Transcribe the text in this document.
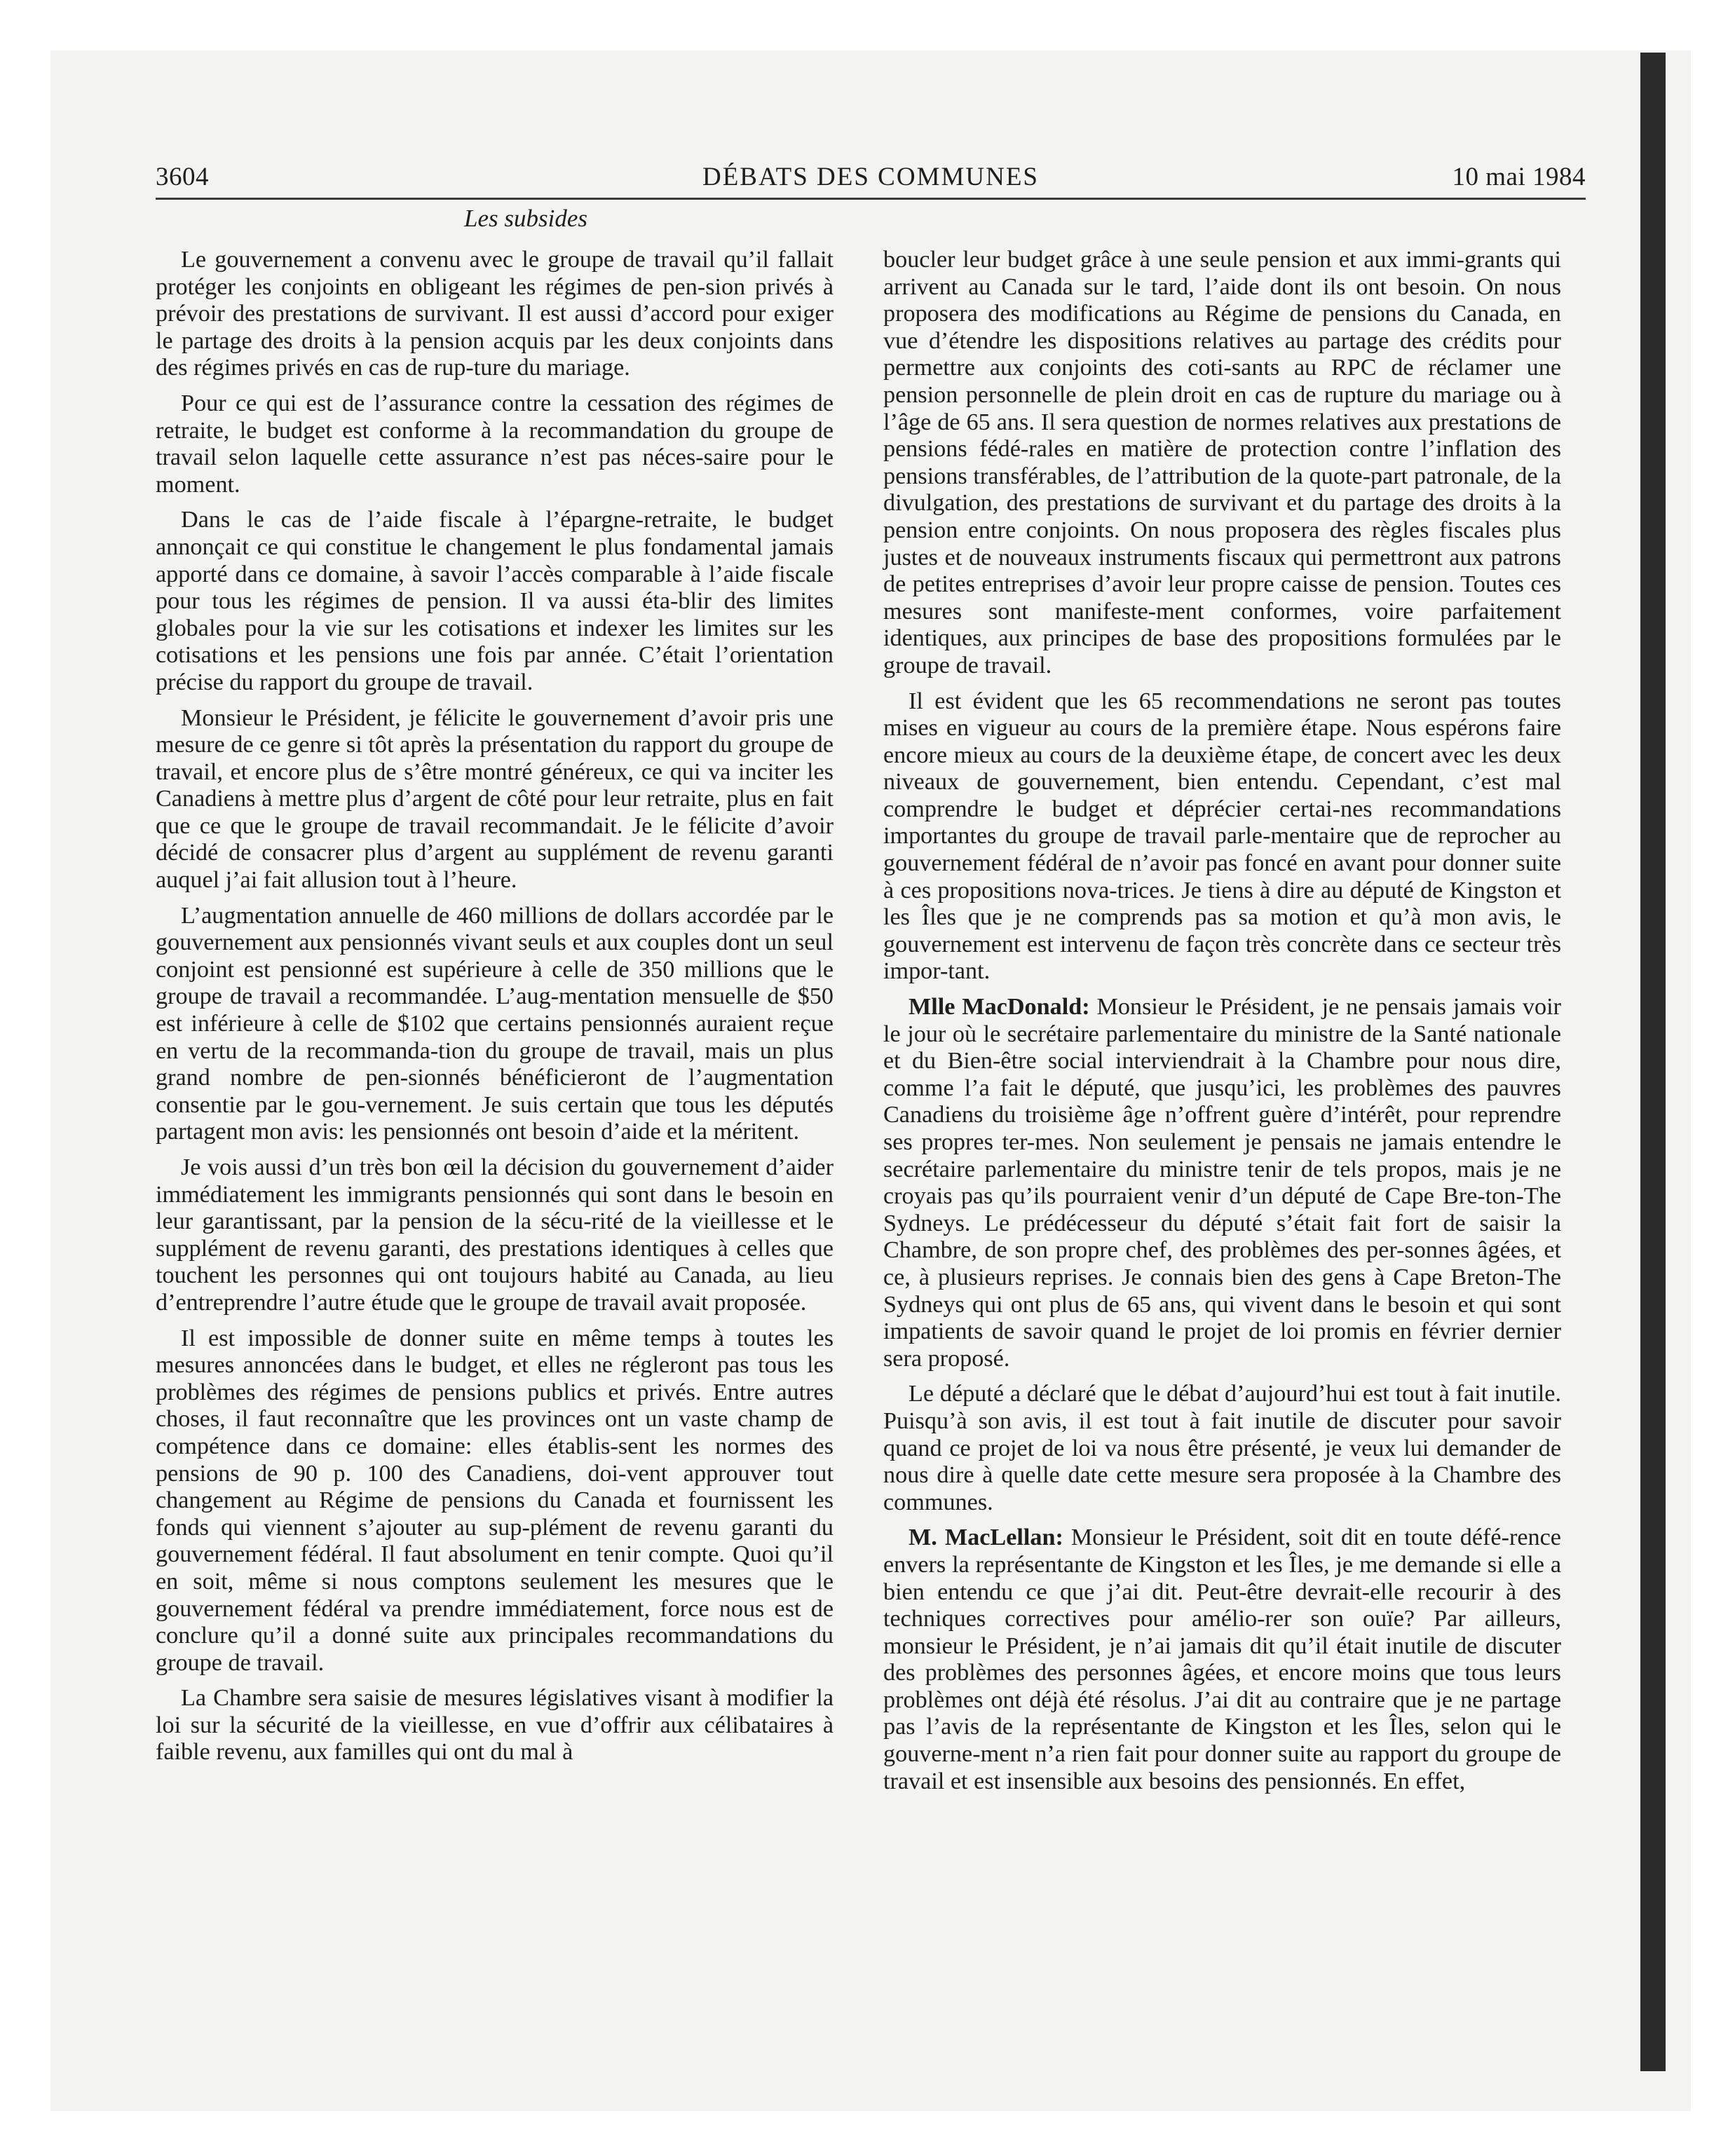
3604	DÉBATS DES COMMUNES	10 mai 1984
Les subsides

Le gouvernement a convenu avec le groupe de travail qu’il fallait protéger les conjoints en obligeant les régimes de pen-sion privés à prévoir des prestations de survivant. Il est aussi d’accord pour exiger le partage des droits à la pension acquis par les deux conjoints dans des régimes privés en cas de rup-ture du mariage.

Pour ce qui est de l’assurance contre la cessation des régimes de retraite, le budget est conforme à la recommandation du groupe de travail selon laquelle cette assurance n’est pas néces-saire pour le moment.

Dans le cas de l’aide fiscale à l’épargne-retraite, le budget annonçait ce qui constitue le changement le plus fondamental jamais apporté dans ce domaine, à savoir l’accès comparable à l’aide fiscale pour tous les régimes de pension. Il va aussi éta-blir des limites globales pour la vie sur les cotisations et indexer les limites sur les cotisations et les pensions une fois par année. C’était l’orientation précise du rapport du groupe de travail.

Monsieur le Président, je félicite le gouvernement d’avoir pris une mesure de ce genre si tôt après la présentation du rapport du groupe de travail, et encore plus de s’être montré généreux, ce qui va inciter les Canadiens à mettre plus d’argent de côté pour leur retraite, plus en fait que ce que le groupe de travail recommandait. Je le félicite d’avoir décidé de consacrer plus d’argent au supplément de revenu garanti auquel j’ai fait allusion tout à l’heure.

L’augmentation annuelle de 460 millions de dollars accordée par le gouvernement aux pensionnés vivant seuls et aux couples dont un seul conjoint est pensionné est supérieure à celle de 350 millions que le groupe de travail a recommandée. L’aug-mentation mensuelle de $50 est inférieure à celle de $102 que certains pensionnés auraient reçue en vertu de la recommanda-tion du groupe de travail, mais un plus grand nombre de pen-sionnés bénéficieront de l’augmentation consentie par le gou-vernement. Je suis certain que tous les députés partagent mon avis: les pensionnés ont besoin d’aide et la méritent.

Je vois aussi d’un très bon œil la décision du gouvernement d’aider immédiatement les immigrants pensionnés qui sont dans le besoin en leur garantissant, par la pension de la sécu-rité de la vieillesse et le supplément de revenu garanti, des prestations identiques à celles que touchent les personnes qui ont toujours habité au Canada, au lieu d’entreprendre l’autre étude que le groupe de travail avait proposée.

Il est impossible de donner suite en même temps à toutes les mesures annoncées dans le budget, et elles ne régleront pas tous les problèmes des régimes de pensions publics et privés. Entre autres choses, il faut reconnaître que les provinces ont un vaste champ de compétence dans ce domaine: elles établis-sent les normes des pensions de 90 p. 100 des Canadiens, doi-vent approuver tout changement au Régime de pensions du Canada et fournissent les fonds qui viennent s’ajouter au sup-plément de revenu garanti du gouvernement fédéral. Il faut absolument en tenir compte. Quoi qu’il en soit, même si nous comptons seulement les mesures que le gouvernement fédéral va prendre immédiatement, force nous est de conclure qu’il a donné suite aux principales recommandations du groupe de travail.

La Chambre sera saisie de mesures législatives visant à modifier la loi sur la sécurité de la vieillesse, en vue d’offrir aux célibataires à faible revenu, aux familles qui ont du mal à

boucler leur budget grâce à une seule pension et aux immi-grants qui arrivent au Canada sur le tard, l’aide dont ils ont besoin. On nous proposera des modifications au Régime de pensions du Canada, en vue d’étendre les dispositions relatives au partage des crédits pour permettre aux conjoints des coti-sants au RPC de réclamer une pension personnelle de plein droit en cas de rupture du mariage ou à l’âge de 65 ans. Il sera question de normes relatives aux prestations de pensions fédé-rales en matière de protection contre l’inflation des pensions transférables, de l’attribution de la quote-part patronale, de la divulgation, des prestations de survivant et du partage des droits à la pension entre conjoints. On nous proposera des règles fiscales plus justes et de nouveaux instruments fiscaux qui permettront aux patrons de petites entreprises d’avoir leur propre caisse de pension. Toutes ces mesures sont manifeste-ment conformes, voire parfaitement identiques, aux principes de base des propositions formulées par le groupe de travail.

Il est évident que les 65 recommendations ne seront pas toutes mises en vigueur au cours de la première étape. Nous espérons faire encore mieux au cours de la deuxième étape, de concert avec les deux niveaux de gouvernement, bien entendu. Cependant, c’est mal comprendre le budget et déprécier certai-nes recommandations importantes du groupe de travail parle-mentaire que de reprocher au gouvernement fédéral de n’avoir pas foncé en avant pour donner suite à ces propositions nova-trices. Je tiens à dire au député de Kingston et les Îles que je ne comprends pas sa motion et qu’à mon avis, le gouvernement est intervenu de façon très concrète dans ce secteur très impor-tant.

Mlle MacDonald: Monsieur le Président, je ne pensais jamais voir le jour où le secrétaire parlementaire du ministre de la Santé nationale et du Bien-être social interviendrait à la Chambre pour nous dire, comme l’a fait le député, que jusqu’ici, les problèmes des pauvres Canadiens du troisième âge n’offrent guère d’intérêt, pour reprendre ses propres ter-mes. Non seulement je pensais ne jamais entendre le secrétaire parlementaire du ministre tenir de tels propos, mais je ne croyais pas qu’ils pourraient venir d’un député de Cape Bre-ton-The Sydneys. Le prédécesseur du député s’était fait fort de saisir la Chambre, de son propre chef, des problèmes des per-sonnes âgées, et ce, à plusieurs reprises. Je connais bien des gens à Cape Breton-The Sydneys qui ont plus de 65 ans, qui vivent dans le besoin et qui sont impatients de savoir quand le projet de loi promis en février dernier sera proposé.

Le député a déclaré que le débat d’aujourd’hui est tout à fait inutile. Puisqu’à son avis, il est tout à fait inutile de discuter pour savoir quand ce projet de loi va nous être présenté, je veux lui demander de nous dire à quelle date cette mesure sera proposée à la Chambre des communes.

M. MacLellan: Monsieur le Président, soit dit en toute défé-rence envers la représentante de Kingston et les Îles, je me demande si elle a bien entendu ce que j’ai dit. Peut-être devrait-elle recourir à des techniques correctives pour amélio-rer son ouïe? Par ailleurs, monsieur le Président, je n’ai jamais dit qu’il était inutile de discuter des problèmes des personnes âgées, et encore moins que tous leurs problèmes ont déjà été résolus. J’ai dit au contraire que je ne partage pas l’avis de la représentante de Kingston et les Îles, selon qui le gouverne-ment n’a rien fait pour donner suite au rapport du groupe de travail et est insensible aux besoins des pensionnés. En effet,
